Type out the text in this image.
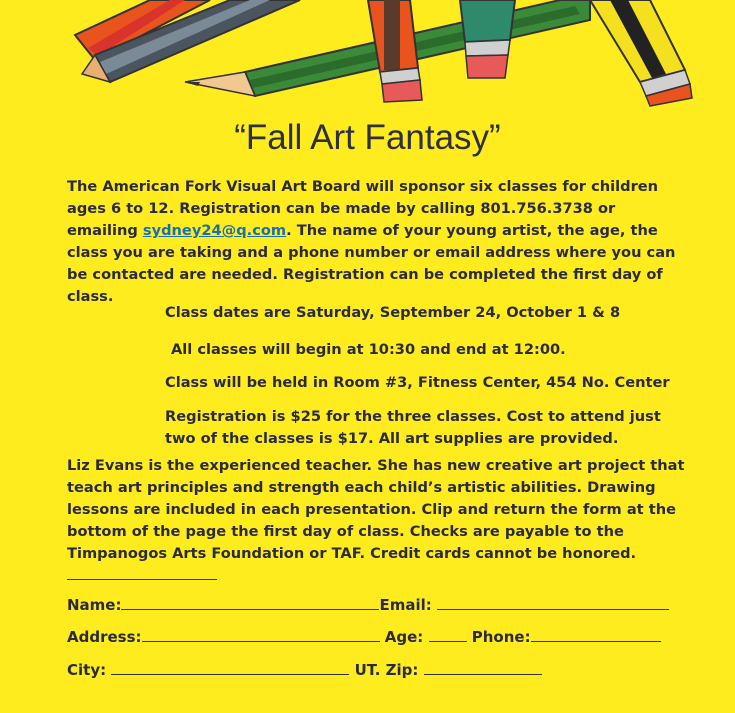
“Fall Art Fantasy”
The American Fork Visual Art Board will sponsor six classes for children ages 6 to 12. Registration can be made by calling 801.756.3738 or emailing sydney24@q.com. The name of your young artist, the age, the class you are taking and a phone number or email address where you can be contacted are needed. Registration can be completed the first day of class.
Class dates are Saturday, September 24, October 1 & 8
All classes will begin at 10:30 and end at 12:00.
Class will be held in Room #3, Fitness Center, 454 No. Center
Registration is $25 for the three classes. Cost to attend just
two of the classes is $17. All art supplies are provided.
Liz Evans is the experienced teacher. She has new creative art project that teach art principles and strength each child’s artistic abilities. Drawing lessons are included in each presentation. Clip and return the form at the bottom of the page the first day of class. Checks are payable to the Timpanogos Arts Foundation or TAF. Credit cards cannot be honored.
Name:	Email:
Address:	Age:	Phone:
City:	UT. Zip:
